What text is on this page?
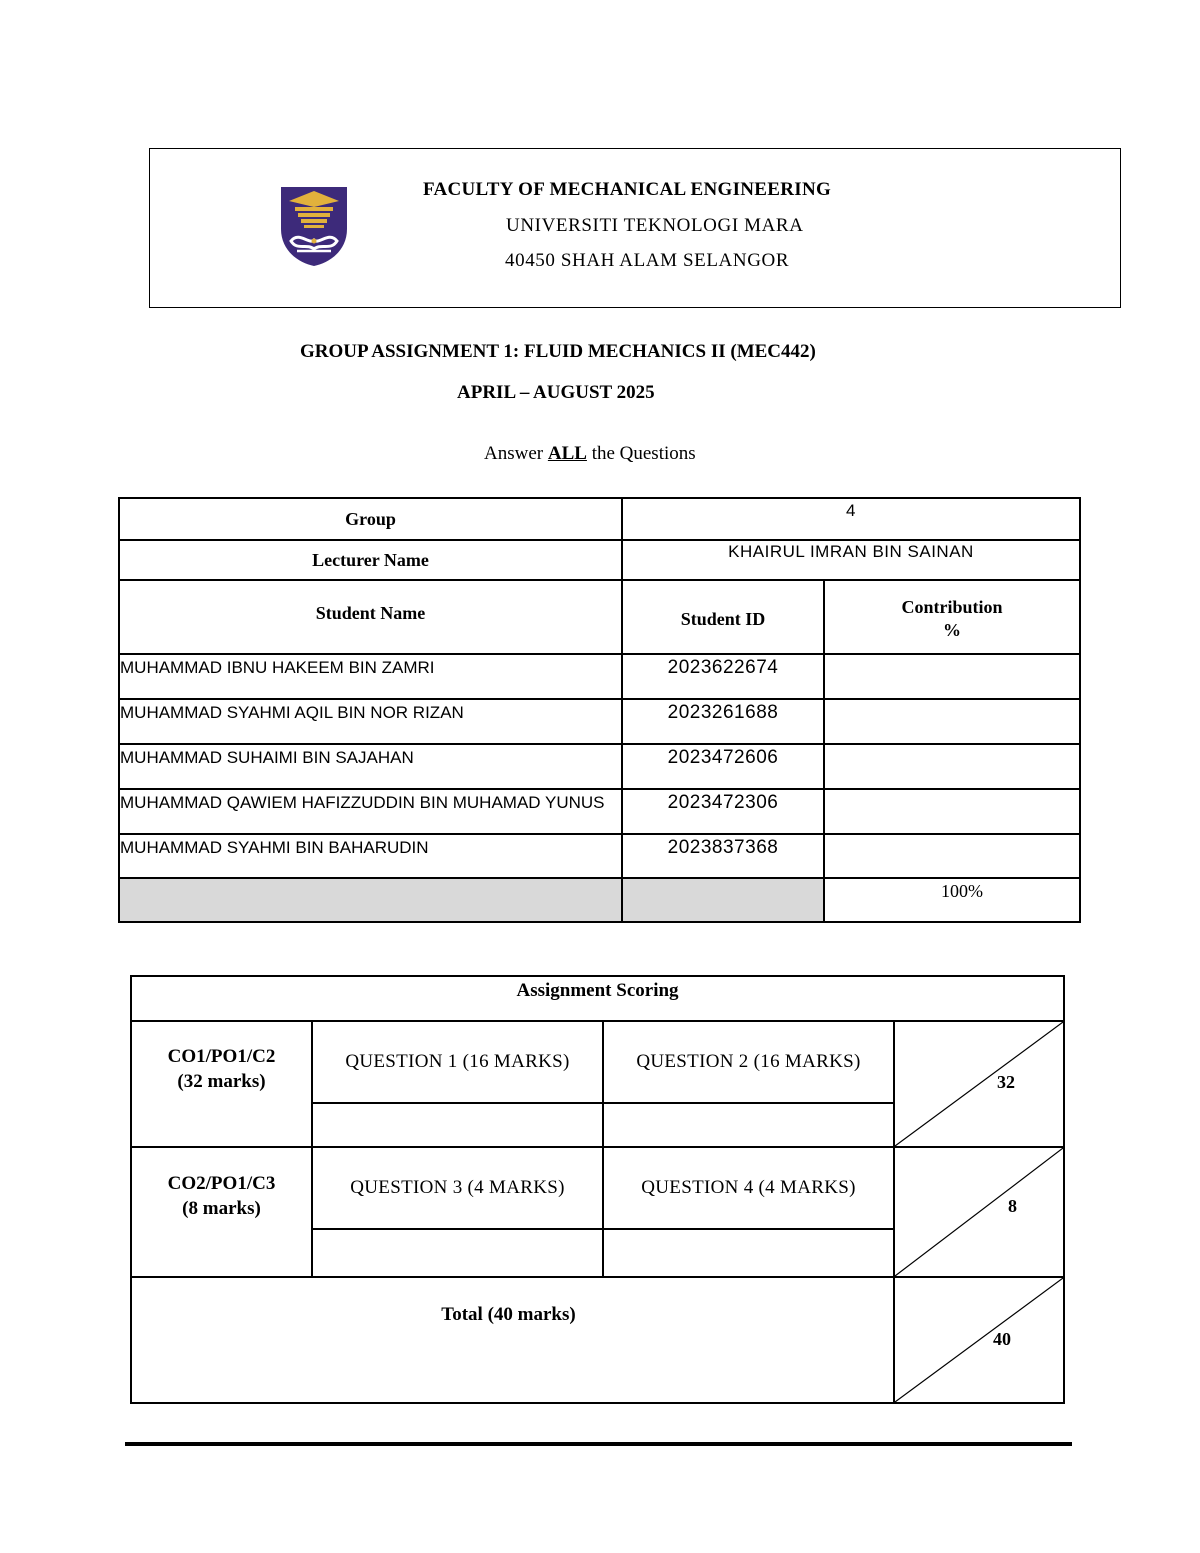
FACULTY OF MECHANICAL ENGINEERING
UNIVERSITI TEKNOLOGI MARA
40450 SHAH ALAM SELANGOR
GROUP ASSIGNMENT 1: FLUID MECHANICS II (MEC442)
APRIL – AUGUST 2025
Answer ALL the Questions
Group	4	
Lecturer Name	KHAIRUL IMRAN BIN SAINAN	
Student Name	Student ID	Contribution
%
MUHAMMAD IBNU HAKEEM BIN ZAMRI	2023622674	
MUHAMMAD SYAHMI AQIL BIN NOR RIZAN	2023261688	
MUHAMMAD SUHAIMI BIN SAJAHAN	2023472606	
MUHAMMAD QAWIEM HAFIZZUDDIN BIN MUHAMAD YUNUS	2023472306	
MUHAMMAD SYAHMI BIN BAHARUDIN	2023837368	
		100%
Assignment Scoring			
CO1/PO1/C2
(32 marks)	QUESTION 1 (16 MARKS)	QUESTION 2 (16 MARKS)	32

CO2/PO1/C3
(8 marks)	QUESTION 3 (4 MARKS)	QUESTION 4 (4 MARKS)	8

Total (40 marks)			40
